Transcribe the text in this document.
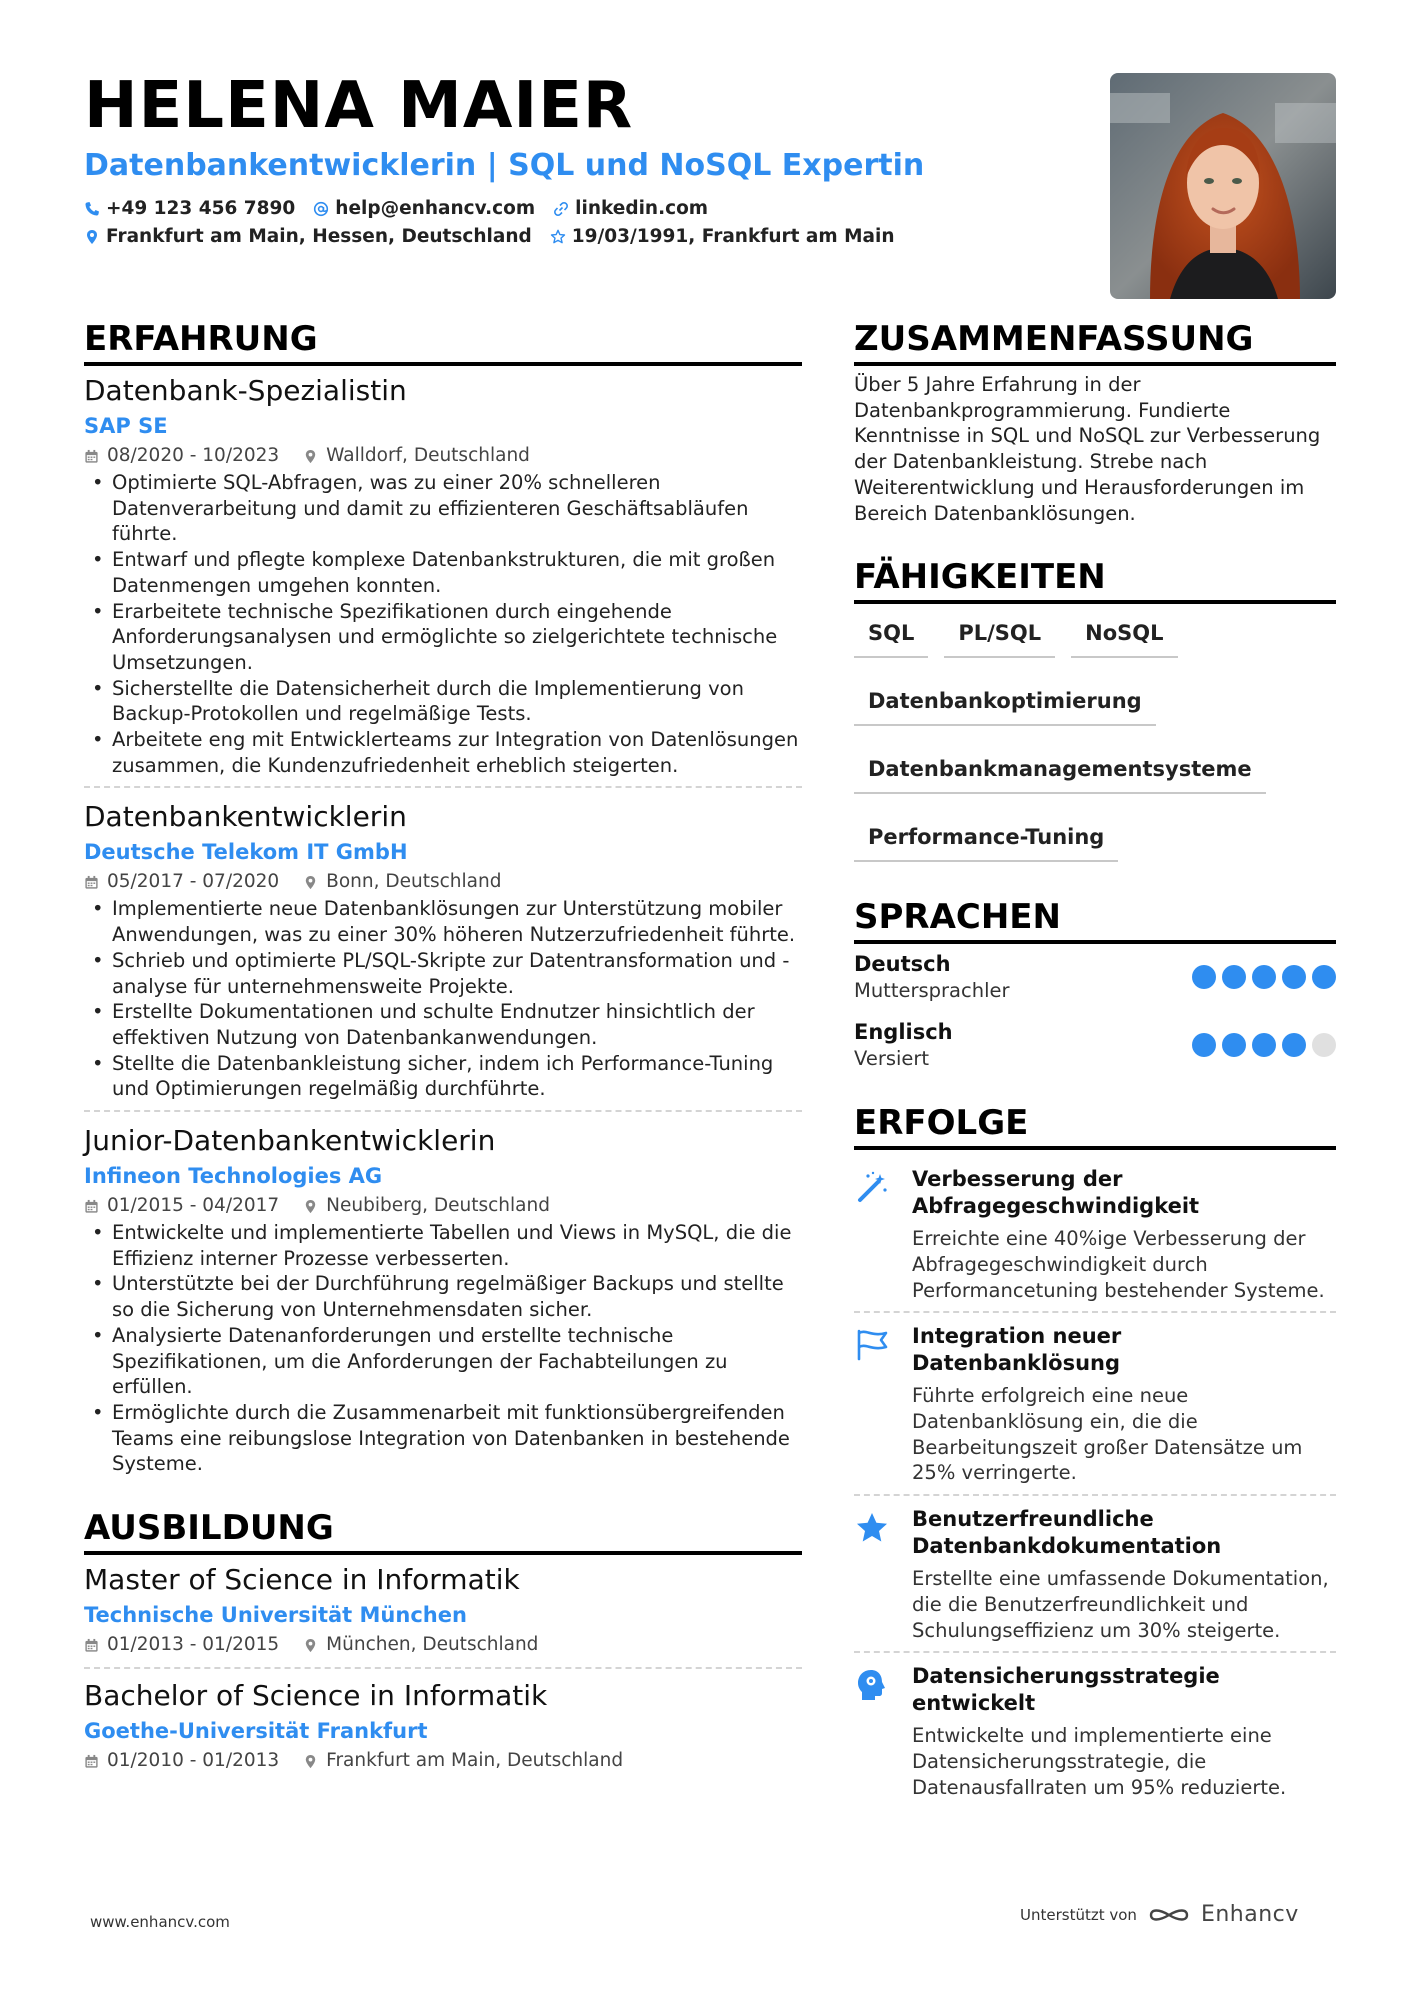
HELENA MAIER
Datenbankentwicklerin | SQL und NoSQL Expertin
+49 123 456 7890 help@enhancv.com linkedin.com
Frankfurt am Main, Hessen, Deutschland 19/03/1991, Frankfurt am Main
ERFAHRUNG
Datenbank-Spezialistin
SAP SE
08/2020 - 10/2023	Walldorf, Deutschland
• Optimierte SQL-Abfragen, was zu einer 20% schnelleren Datenverarbeitung und damit zu effizienteren Geschäftsabläufen führte.
• Entwarf und pflegte komplexe Datenbankstrukturen, die mit großen Datenmengen umgehen konnten.
• Erarbeitete technische Spezifikationen durch eingehende Anforderungsanalysen und ermöglichte so zielgerichtete technische Umsetzungen.
• Sicherstellte die Datensicherheit durch die Implementierung von Backup-Protokollen und regelmäßige Tests.
• Arbeitete eng mit Entwicklerteams zur Integration von Datenlösungen zusammen, die Kundenzufriedenheit erheblich steigerten.
Datenbankentwicklerin
Deutsche Telekom IT GmbH
05/2017 - 07/2020	Bonn, Deutschland
• Implementierte neue Datenbanklösungen zur Unterstützung mobiler Anwendungen, was zu einer 30% höheren Nutzerzufriedenheit führte.
• Schrieb und optimierte PL/SQL-Skripte zur Datentransformation und -analyse für unternehmensweite Projekte.
• Erstellte Dokumentationen und schulte Endnutzer hinsichtlich der effektiven Nutzung von Datenbankanwendungen.
• Stellte die Datenbankleistung sicher, indem ich Performance-Tuning und Optimierungen regelmäßig durchführte.
Junior-Datenbankentwicklerin
Infineon Technologies AG
01/2015 - 04/2017	Neubiberg, Deutschland
• Entwickelte und implementierte Tabellen und Views in MySQL, die die Effizienz interner Prozesse verbesserten.
• Unterstützte bei der Durchführung regelmäßiger Backups und stellte so die Sicherung von Unternehmensdaten sicher.
• Analysierte Datenanforderungen und erstellte technische Spezifikationen, um die Anforderungen der Fachabteilungen zu erfüllen.
• Ermöglichte durch die Zusammenarbeit mit funktionsübergreifenden Teams eine reibungslose Integration von Datenbanken in bestehende Systeme.
AUSBILDUNG
Master of Science in Informatik
Technische Universität München
01/2013 - 01/2015	München, Deutschland
Bachelor of Science in Informatik
Goethe-Universität Frankfurt
01/2010 - 01/2013	Frankfurt am Main, Deutschland
ZUSAMMENFASSUNG
Über 5 Jahre Erfahrung in der Datenbankprogrammierung. Fundierte Kenntnisse in SQL und NoSQL zur Verbesserung der Datenbankleistung. Strebe nach Weiterentwicklung und Herausforderungen im Bereich Datenbanklösungen.
FÄHIGKEITEN
SQL	PL/SQL	NoSQL
Datenbankoptimierung
Datenbankmanagementsysteme
Performance-Tuning
SPRACHEN
Deutsch
Muttersprachler
Englisch
Versiert
ERFOLGE
Verbesserung der Abfragegeschwindigkeit
Erreichte eine 40%ige Verbesserung der Abfragegeschwindigkeit durch Performancetuning bestehender Systeme.
Integration neuer Datenbanklösung
Führte erfolgreich eine neue Datenbanklösung ein, die die Bearbeitungszeit großer Datensätze um 25% verringerte.
Benutzerfreundliche Datenbankdokumentation
Erstellte eine umfassende Dokumentation, die die Benutzerfreundlichkeit und Schulungseffizienz um 30% steigerte.
Datensicherungsstrategie entwickelt
Entwickelte und implementierte eine Datensicherungsstrategie, die Datenausfallraten um 95% reduzierte.
www.enhancv.com	Unterstützt von	Enhancv
